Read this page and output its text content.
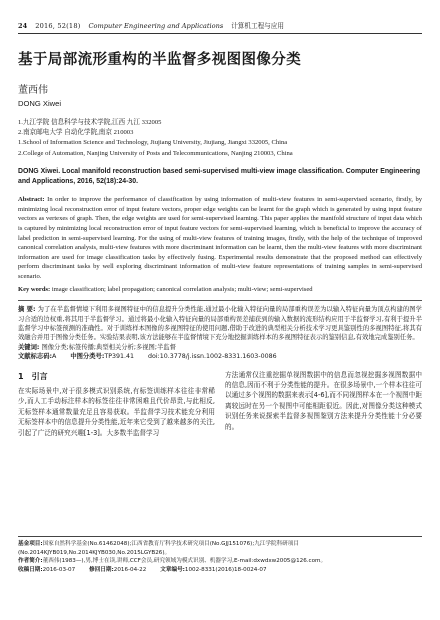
24 2016, 52(18) Computer Engineering and Applications 计算机工程与应用
基于局部流形重构的半监督多视图图像分类
董西伟
DONG Xiwei
1.九江学院 信息科学与技术学院,江西 九江 332005
2.南京邮电大学 自动化学院,南京 210003
1.School of Information Science and Technology, Jiujiang University, Jiujiang, Jiangxi 332005, China
2.College of Automation, Nanjing University of Posts and Telecommunications, Nanjing 210003, China
DONG Xiwei. Local manifold reconstruction based semi-supervised multi-view image classification. Computer Engineering and Applications, 2016, 52(18):24-30.
Abstract: In order to improve the performance of classification by using information of multi-view features in semi-supervised scenario, firstly, by minimizing local reconstruction error of input feature vectors, proper edge weights can be learnt for the graph which is generated by using input feature vectors as vertexes of graph. Then, the edge weights are used for semi-supervised learning. This paper applies the manifold structure of input data which is captured by minimizing local reconstruction error of input feature vectors for semi-supervised learning, which is beneficial to improve the accuracy of label prediction in semi-supervised learning. For the using of multi-view features of training images, firstly, with the help of the technique of improved canonical correlation analysis, multi-view features with more discriminant information can be learnt, then the multi-view features with more discriminant information are used for image classification tasks by effectively fusing. Experimental results demonstrate that the proposed method can effectively perform discriminant tasks by well exploring discriminant information of multi-view feature representations of training samples in semi-supervised scenario.
Key words: image classification; label propagation; canonical correlation analysis; multi-view; semi-supervised
摘 要: 为了在半监督情境下利用多视图特征中的信息提升分类性能,通过最小化输入特征向量的局部重构误差为以输入特征向量为顶点构建的图学习合适的边权重,将其用于半监督学习。通过将最小化输入特征向量的局部重构误差捕获到的输入数据的流形结构应用于半监督学习,有利于提升半监督学习中标签预测的准确性。对于训练样本图像的多视图特征的使用问题,借助于改进的典型相关分析技术学习更具鉴别性的多视图特征,将其有效融合并用于图像分类任务。实验结果表明,该方法能够在半监督情境下充分地挖掘训练样本的多视图特征表示的鉴别信息,有效地完成鉴别任务。
关键词: 图像分类;标签传播;典型相关分析;多视图;半监督
文献标志码:A 中图分类号:TP391.41 doi:10.3778/j.issn.1002-8331.1603-0086
1 引言
在实际场景中,对于很多模式识别系统,有标签训练样本往往非常稀少,而人工手动标注样本的标签往往非常困难且代价昂贵,与此相反,无标签样本通常数量充足且容易获取。半监督学习技术能充分利用无标签样本中的信息提升分类性能,近年来它受到了越来越多的关注,引起了广泛的研究兴趣[1-3]。大多数半监督学习
方法通常仅注重挖掘单视图数据中的信息而忽视挖掘多视图数据中的信息,因而不利于分类性能的提升。在很多场景中,一个样本往往可以通过多个视图的数据来表示[4-6],而不同视图样本在一个视图中距离较远时在另一个视图中可能相距很近。因此,对图像分类这种模式识别任务来说探索半监督多视图鉴别方法来提升分类性能十分必要的。
基金项目:国家自然科学基金(No.61462048);江西省教育厅科学技术研究项目(No.GJJ151076);九江学院科研项目(No.2014KJYB019,No.2014KJYB030,No.2015LGYB26)。
作者简介:董西伟(1983—),男,博士在读,讲师,CCF会员,研究领域为模式识别、机器学习,E-mail:dxwdxw2005@126.com。
收稿日期:2016-03-07	修回日期:2016-04-22	文章编号:1002-8331(2016)18-0024-07
